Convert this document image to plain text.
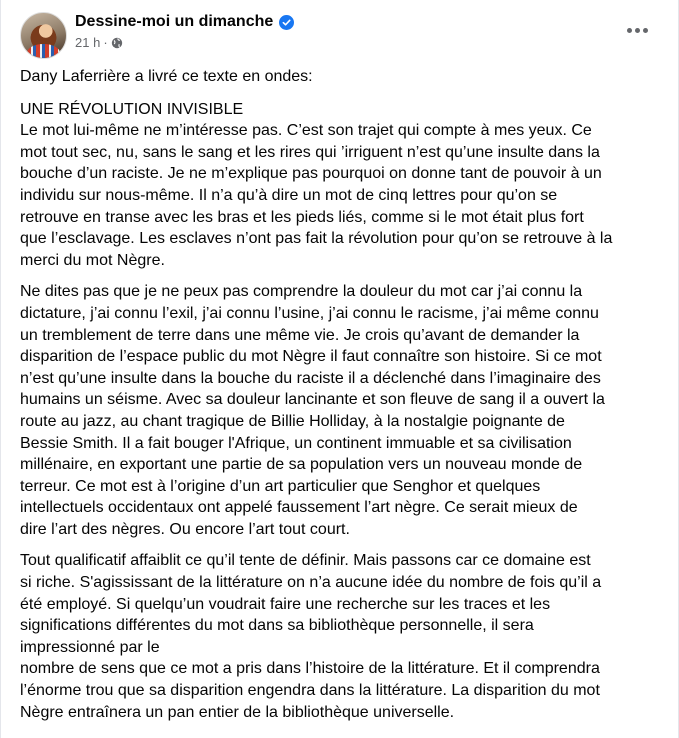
Dessine-moi un dimanche
21 h ·

Dany Laferrière a livré ce texte en ondes:

UNE RÉVOLUTION INVISIBLE
Le mot lui-même ne m’intéresse pas. C’est son trajet qui compte à mes yeux. Ce
mot tout sec, nu, sans le sang et les rires qui ’irriguent n’est qu’une insulte dans la
bouche d’un raciste. Je ne m’explique pas pourquoi on donne tant de pouvoir à un
individu sur nous-même. Il n’a qu’à dire un mot de cinq lettres pour qu’on se
retrouve en transe avec les bras et les pieds liés, comme si le mot était plus fort
que l’esclavage. Les esclaves n’ont pas fait la révolution pour qu’on se retrouve à la
merci du mot Nègre.
Ne dites pas que je ne peux pas comprendre la douleur du mot car j’ai connu la
dictature, j’ai connu l’exil, j’ai connu l’usine, j’ai connu le racisme, j’ai même connu
un tremblement de terre dans une même vie. Je crois qu’avant de demander la
disparition de l’espace public du mot Nègre il faut connaître son histoire. Si ce mot
n’est qu’une insulte dans la bouche du raciste il a déclenché dans l’imaginaire des
humains un séisme. Avec sa douleur lancinante et son fleuve de sang il a ouvert la
route au jazz, au chant tragique de Billie Holliday, à la nostalgie poignante de
Bessie Smith. Il a fait bouger l'Afrique, un continent immuable et sa civilisation
millénaire, en exportant une partie de sa population vers un nouveau monde de
terreur. Ce mot est à l’origine d’un art particulier que Senghor et quelques
intellectuels occidentaux ont appelé faussement l’art nègre. Ce serait mieux de
dire l’art des nègres. Ou encore l’art tout court.
Tout qualificatif affaiblit ce qu’il tente de définir. Mais passons car ce domaine est
si riche. S'agississant de la littérature on n’a aucune idée du nombre de fois qu’il a
été employé. Si quelqu’un voudrait faire une recherche sur les traces et les
significations différentes du mot dans sa bibliothèque personnelle, il sera
impressionné par le
nombre de sens que ce mot a pris dans l’histoire de la littérature. Et il comprendra
l’énorme trou que sa disparition engendra dans la littérature. La disparition du mot
Nègre entraînera un pan entier de la bibliothèque universelle.
